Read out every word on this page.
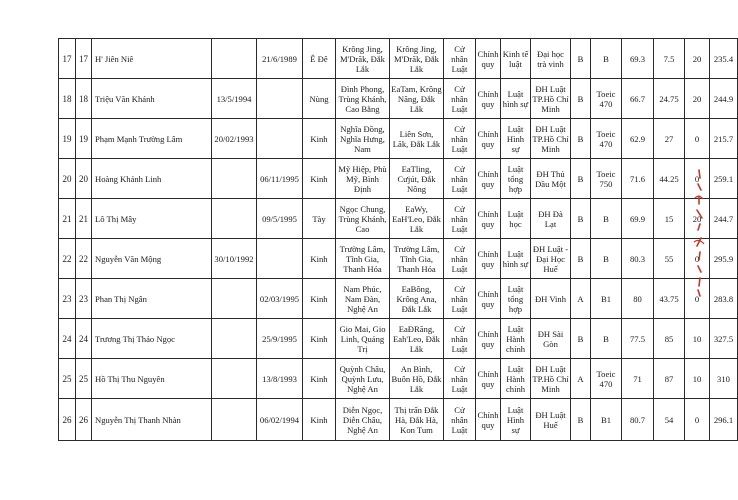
17	17	H' Jiên Niê		21/6/1989	Ê Đê	Krông Jing, M'Drăk, Đắk Lắk	Krông Jing, M'Drăk, Đắk Lắk	Cử nhân Luật	Chính quy	Kinh tế luật	Đại học trà vinh	B	B	69.3	7.5	20	235.4
18	18	Triệu Văn Khánh	13/5/1994		Nùng	Đình Phong, Trùng Khánh, Cao Bằng	EaTam, Krông Năng, Đắk Lắk	Cử nhân Luật	Chính quy	Luật hình sự	ĐH Luật TP.Hồ Chí Minh	B	Toeic 470	66.7	24.75	20	244.9
19	19	Phạm Mạnh Trường Lâm	20/02/1993		Kinh	Nghĩa Đồng, Nghĩa Hưng, Nam	Liên Sơn, Lăk, Đắk Lắk	Cử nhân Luật	Chính quy	Luật Hình sự	ĐH Luật TP.Hồ Chí Minh	B	Toeic 470	62.9	27	0	215.7
20	20	Hoàng Khánh Linh		06/11/1995	Kinh	Mỹ Hiệp, Phù Mỹ, Bình Định	EaTling, Cưjút, Đắk Nông	Cử nhân Luật	Chính quy	Luật tổng hợp	ĐH Thủ Dầu Một	B	Toeic 750	71.6	44.25	0	259.1
21	21	Lô Thị Mây		09/5/1995	Tày	Ngọc Chung, Trùng Khánh, Cao	EaWy, EaH'Leo, Đắk Lắk	Cử nhân Luật	Chính quy	Luật học	ĐH Đà Lạt	B	B	69.9	15	20	244.7
22	22	Nguyễn Văn Mộng	30/10/1992		Kinh	Trường Lâm, Tĩnh Gia, Thanh Hóa	Trường Lâm, Tĩnh Gia, Thanh Hóa	Cử nhân Luật	Chính quy	Luật hình sự	ĐH Luật - Đại Học Huế	B	B	80.3	55	0	295.9
23	23	Phan Thị Ngân		02/03/1995	Kinh	Nam Phúc, Nam Đàn, Nghệ An	EaBông, Krông Ana, Đắk Lắk	Cử nhân Luật	Chính quy	Luật tổng hợp	ĐH Vinh	A	B1	80	43.75	0	283.8
24	24	Trương Thị Thảo Ngọc		25/9/1995	Kinh	Gio Mai, Gio Linh, Quảng Trị	EaĐRăng, Eah'Leo, Đắk Lắk	Cử nhân Luật	Chính quy	Luật Hành chính	ĐH Sài Gòn	B	B	77.5	85	10	327.5
25	25	Hồ Thị Thu Nguyên		13/8/1993	Kinh	Quỳnh Châu, Quỳnh Lưu, Nghệ An	An Bình, Buôn Hồ, Đắk Lắk	Cử nhân Luật	Chính quy	Luật Hành chính	ĐH Luật TP.Hồ Chí Minh	A	Toeic 470	71	87	10	310
26	26	Nguyễn Thị Thanh Nhàn		06/02/1994	Kinh	Diễn Ngọc, Diễn Châu, Nghệ An	Thị trấn Đắk Hà, Đắk Hà, Kon Tum	Cử nhân Luật	Chính quy	Luật Hình sự	ĐH Luật Huế	B	B1	80.7	54	0	296.1
